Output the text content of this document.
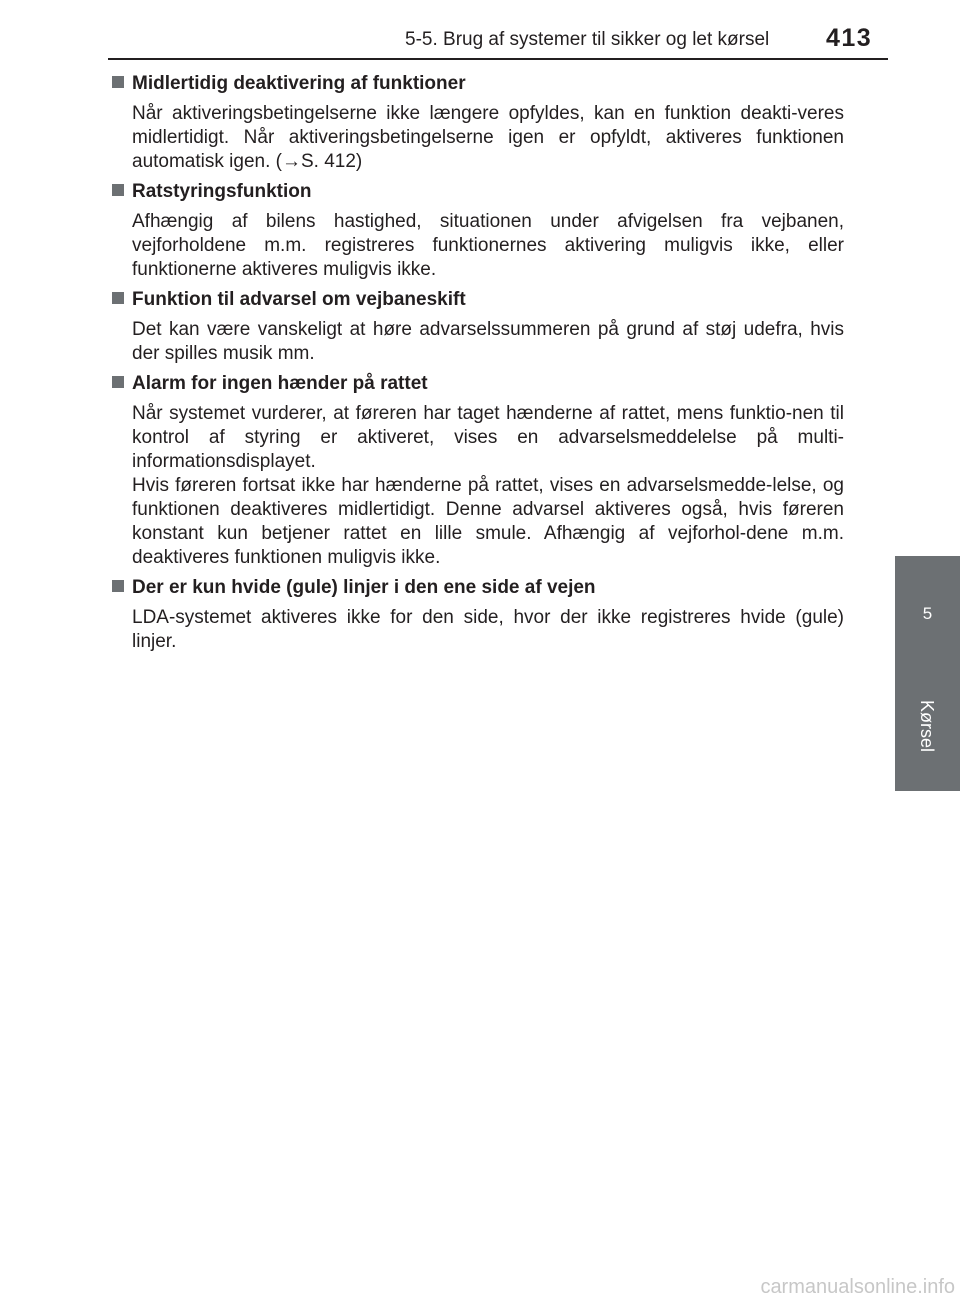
5-5. Brug af systemer til sikker og let kørsel	413
5
Kørsel
Midlertidig deaktivering af funktioner

Når aktiveringsbetingelserne ikke længere opfyldes, kan en funktion deakti-veres midlertidigt. Når aktiveringsbetingelserne igen er opfyldt, aktiveres funktionen automatisk igen. (→S. 412)

Ratstyringsfunktion

Afhængig af bilens hastighed, situationen under afvigelsen fra vejbanen, vejforholdene m.m. registreres funktionernes aktivering muligvis ikke, eller funktionerne aktiveres muligvis ikke.

Funktion til advarsel om vejbaneskift

Det kan være vanskeligt at høre advarselssummeren på grund af støj udefra, hvis der spilles musik mm.

Alarm for ingen hænder på rattet

Når systemet vurderer, at føreren har taget hænderne af rattet, mens funktio-nen til kontrol af styring er aktiveret, vises en advarselsmeddelelse på multi-informationsdisplayet.

Hvis føreren fortsat ikke har hænderne på rattet, vises en advarselsmedde-lelse, og funktionen deaktiveres midlertidigt. Denne advarsel aktiveres også, hvis føreren konstant kun betjener rattet en lille smule. Afhængig af vejforhol-dene m.m. deaktiveres funktionen muligvis ikke.

Der er kun hvide (gule) linjer i den ene side af vejen

LDA-systemet aktiveres ikke for den side, hvor der ikke registreres hvide (gule) linjer.

carmanualsonline.info
